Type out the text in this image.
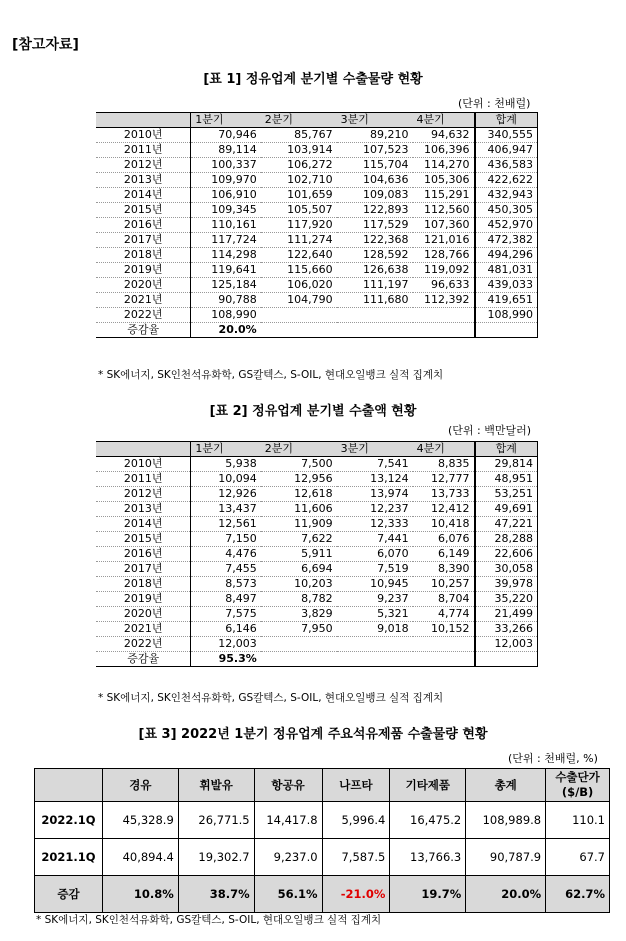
[참고자료]
[표 1] 정유업계 분기별 수출물량 현황
(단위 : 천배럴)
	1분기	2분기	3분기	4분기	합계
2010년	70,946	85,767	89,210	94,632	340,555
2011년	89,114	103,914	107,523	106,396	406,947
2012년	100,337	106,272	115,704	114,270	436,583
2013년	109,970	102,710	104,636	105,306	422,622
2014년	106,910	101,659	109,083	115,291	432,943
2015년	109,345	105,507	122,893	112,560	450,305
2016년	110,161	117,920	117,529	107,360	452,970
2017년	117,724	111,274	122,368	121,016	472,382
2018년	114,298	122,640	128,592	128,766	494,296
2019년	119,641	115,660	126,638	119,092	481,031
2020년	125,184	106,020	111,197	96,633	439,033
2021년	90,788	104,790	111,680	112,392	419,651
2022년	108,990				108,990
증감율	20.0%				
* SK에너지, SK인천석유화학, GS칼텍스, S-OIL, 현대오일뱅크 실적 집계치
[표 2] 정유업계 분기별 수출액 현황
(단위 : 백만달러)
	1분기	2분기	3분기	4분기	합계
2010년	5,938	7,500	7,541	8,835	29,814
2011년	10,094	12,956	13,124	12,777	48,951
2012년	12,926	12,618	13,974	13,733	53,251
2013년	13,437	11,606	12,237	12,412	49,691
2014년	12,561	11,909	12,333	10,418	47,221
2015년	7,150	7,622	7,441	6,076	28,288
2016년	4,476	5,911	6,070	6,149	22,606
2017년	7,455	6,694	7,519	8,390	30,058
2018년	8,573	10,203	10,945	10,257	39,978
2019년	8,497	8,782	9,237	8,704	35,220
2020년	7,575	3,829	5,321	4,774	21,499
2021년	6,146	7,950	9,018	10,152	33,266
2022년	12,003				12,003
증감율	95.3%				
* SK에너지, SK인천석유화학, GS칼텍스, S-OIL, 현대오일뱅크 실적 집계치
[표 3] 2022년 1분기 정유업계 주요석유제품 수출물량 현황
(단위 : 천배럴, %)
	경유	휘발유	항공유	나프타	기타제품	총계	수출단가
($/B)
2022.1Q	45,328.9	26,771.5	14,417.8	5,996.4	16,475.2	108,989.8	110.1
2021.1Q	40,894.4	19,302.7	9,237.0	7,587.5	13,766.3	90,787.9	67.7
증감	10.8%	38.7%	56.1%	-21.0%	19.7%	20.0%	62.7%
* SK에너지, SK인천석유화학, GS칼텍스, S-OIL, 현대오일뱅크 실적 집계치
